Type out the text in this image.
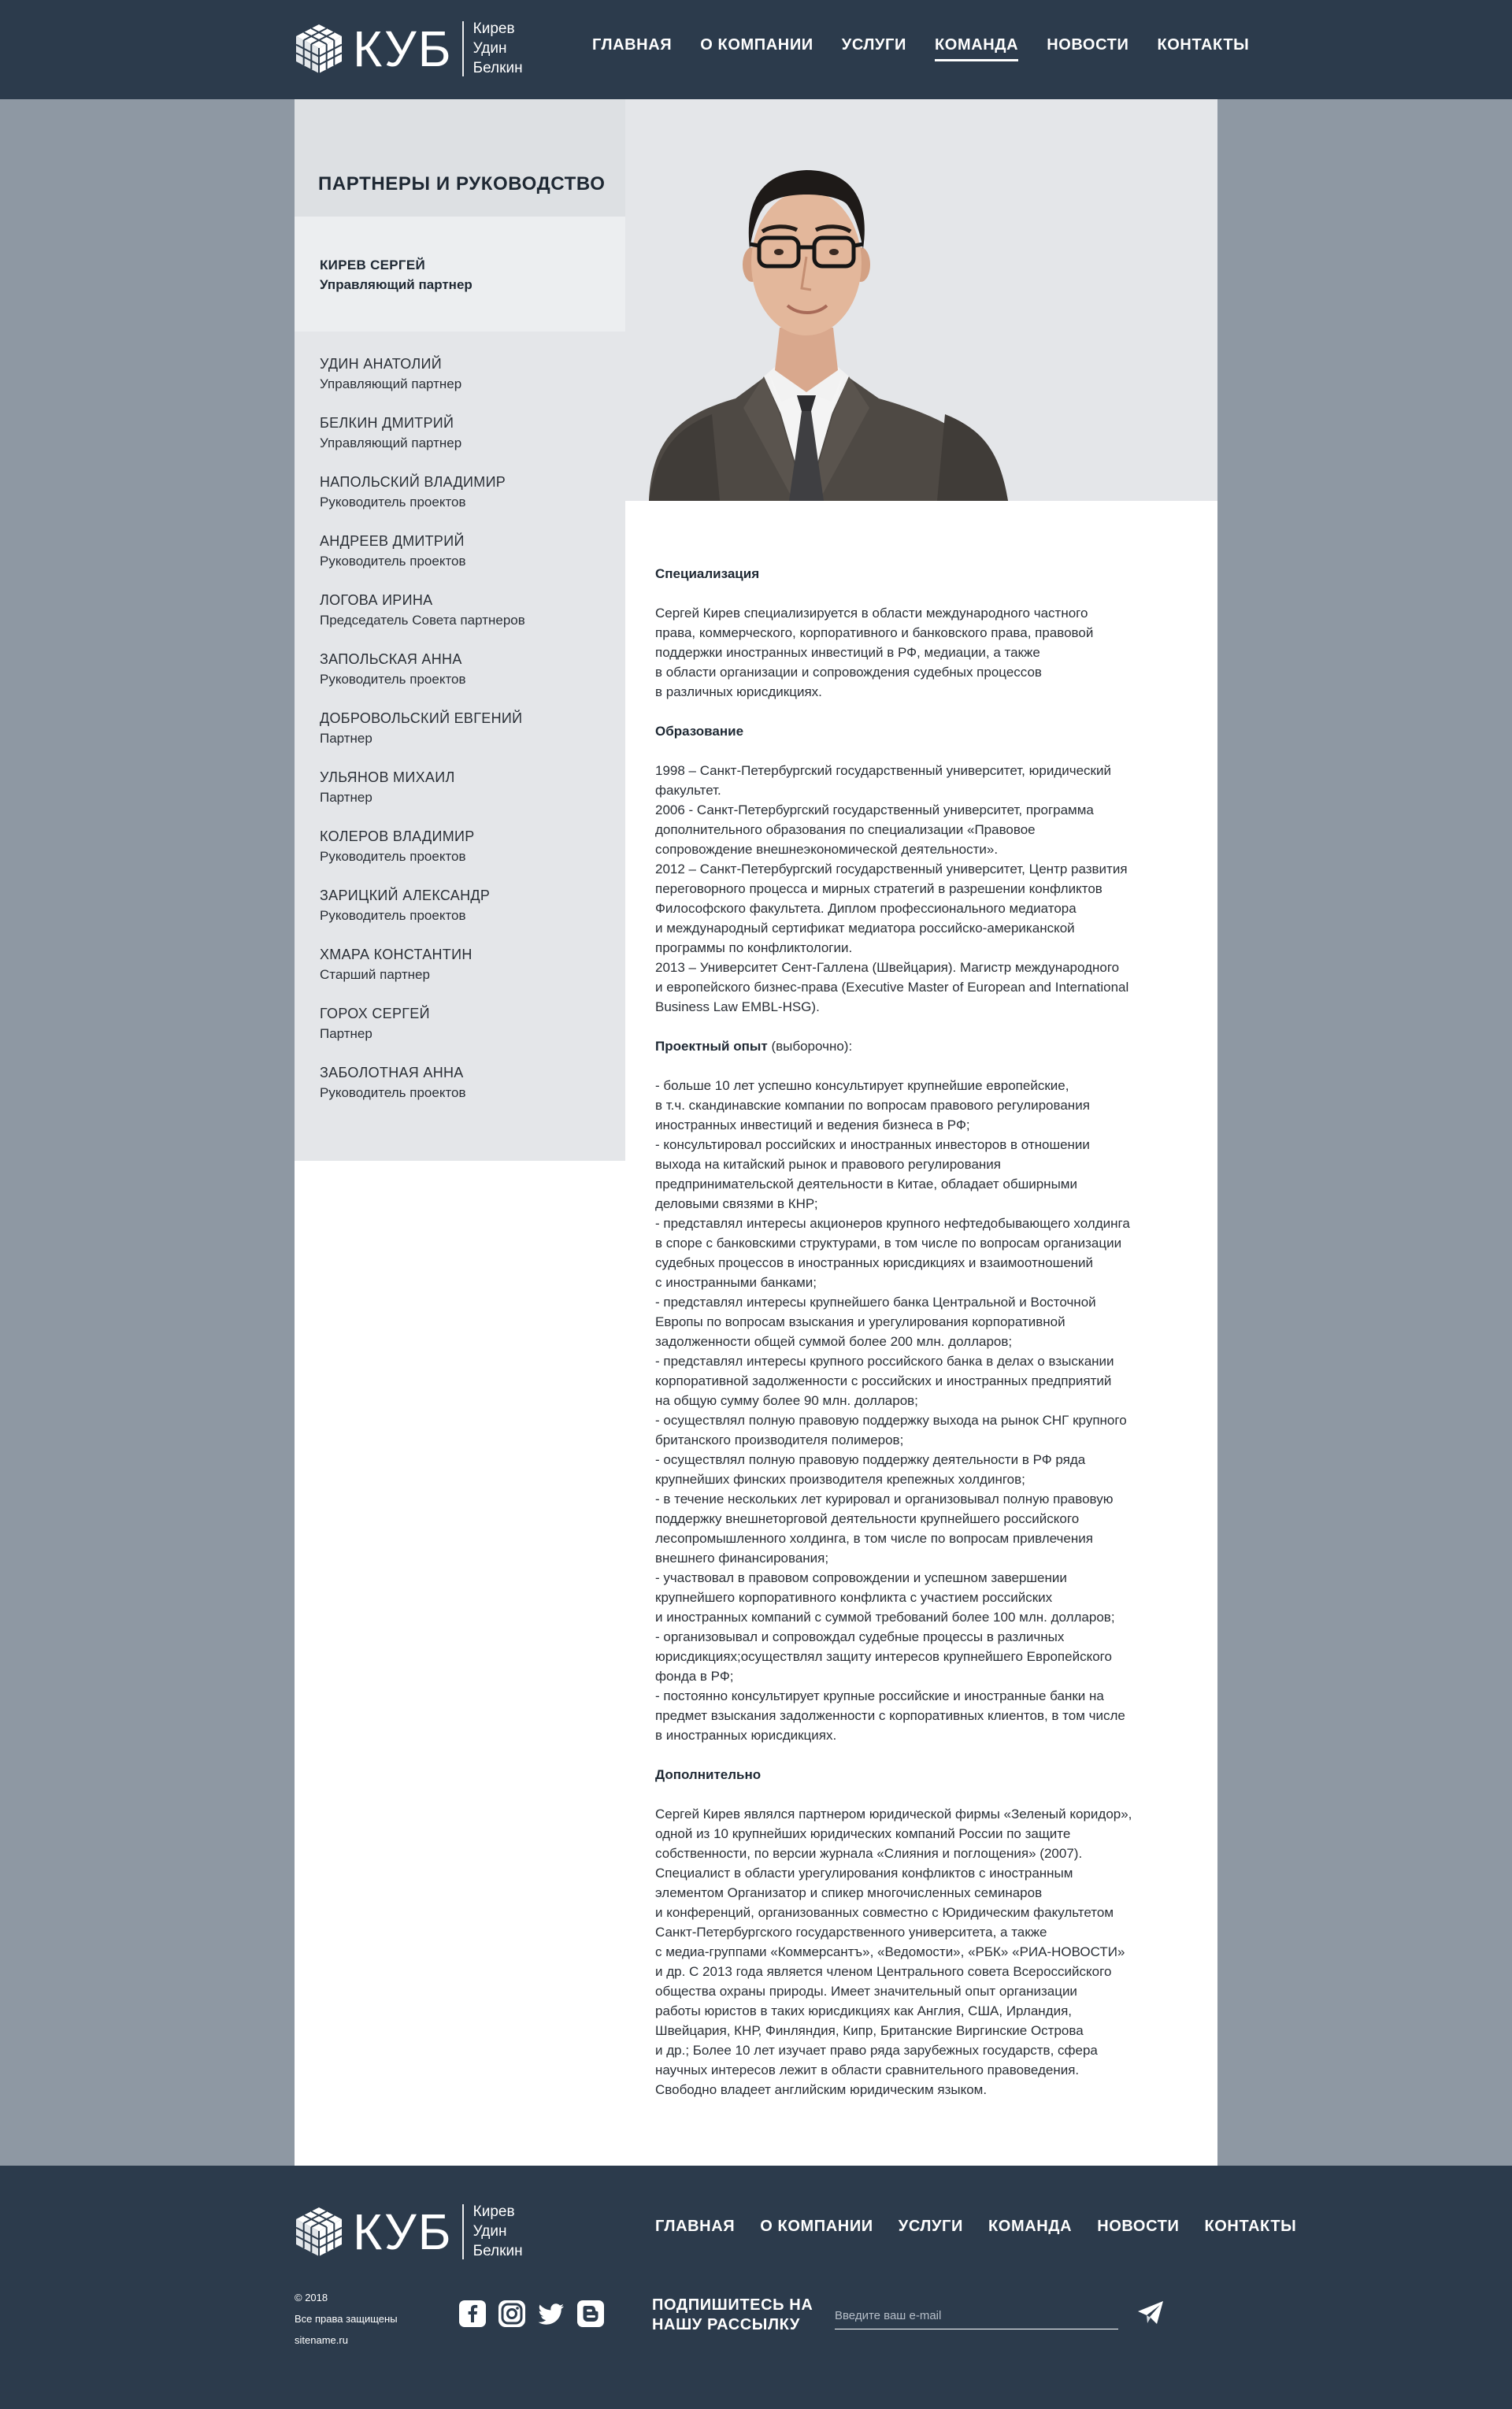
КУБ Кирев
Удин
Белкин
ГЛАВНАЯ О КОМПАНИИ УСЛУГИ КОМАНДА НОВОСТИ КОНТАКТЫ
ПАРТНЕРЫ И РУКОВОДСТВО
КИРЕВ СЕРГЕЙ
Управляющий партнер
УДИН АНАТОЛИЙ
Управляющий партнер
БЕЛКИН ДМИТРИЙ
Управляющий партнер
НАПОЛЬСКИЙ ВЛАДИМИР
Руководитель проектов
АНДРЕЕВ ДМИТРИЙ
Руководитель проектов
ЛОГОВА ИРИНА
Председатель Совета партнеров
ЗАПОЛЬСКАЯ АННА
Руководитель проектов
ДОБРОВОЛЬСКИЙ ЕВГЕНИЙ
Партнер
УЛЬЯНОВ МИХАИЛ
Партнер
КОЛЕРОВ ВЛАДИМИР
Руководитель проектов
ЗАРИЦКИЙ АЛЕКСАНДР
Руководитель проектов
ХМАРА КОНСТАНТИН
Старший партнер
ГОРОХ СЕРГЕЙ
Партнер
ЗАБОЛОТНАЯ АННА
Руководитель проектов

Специализация

Сергей Кирев специализируется в области международного частного
права, коммерческого, корпоративного и банковского права, правовой
поддержки иностранных инвестиций в РФ, медиации, а также
в области организации и сопровождения судебных процессов
в различных юрисдикциях.

Образование

1998 – Санкт-Петербургский государственный университет, юридический
факультет.
2006 - Санкт-Петербургский государственный университет, программа
дополнительного образования по специализации «Правовое
сопровождение внешнеэкономической деятельности».
2012 – Санкт-Петербургский государственный университет, Центр развития
переговорного процесса и мирных стратегий в разрешении конфликтов
Философского факультета. Диплом профессионального медиатора
и международный сертификат медиатора российско-американской
программы по конфликтологии.
2013 – Университет Сент-Галлена (Швейцария). Магистр международного
и европейского бизнес-права (Executive Master of European and International
Business Law EMBL-HSG).

Проектный опыт (выборочно):

- больше 10 лет успешно консультирует крупнейшие европейские,
в т.ч. скандинавские компании по вопросам правового регулирования
иностранных инвестиций и ведения бизнеса в РФ;
- консультировал российских и иностранных инвесторов в отношении
выхода на китайский рынок и правового регулирования
предпринимательской деятельности в Китае, обладает обширными
деловыми связями в КНР;
- представлял интересы акционеров крупного нефтедобывающего холдинга
в споре с банковскими структурами, в том числе по вопросам организации
судебных процессов в иностранных юрисдикциях и взаимоотношений
с иностранными банками;
- представлял интересы крупнейшего банка Центральной и Восточной
Европы по вопросам взыскания и урегулирования корпоративной
задолженности общей суммой более 200 млн. долларов;
- представлял интересы крупного российского банка в делах о взыскании
корпоративной задолженности с российских и иностранных предприятий
на общую сумму более 90 млн. долларов;
- осуществлял полную правовую поддержку выхода на рынок СНГ крупного
британского производителя полимеров;
- осуществлял полную правовую поддержку деятельности в РФ ряда
крупнейших финских производителя крепежных холдингов;
- в течение нескольких лет курировал и организовывал полную правовую
поддержку внешнеторговой деятельности крупнейшего российского
лесопромышленного холдинга, в том числе по вопросам привлечения
внешнего финансирования;
- участвовал в правовом сопровождении и успешном завершении
крупнейшего корпоративного конфликта с участием российских
и иностранных компаний с суммой требований более 100 млн. долларов;
- организовывал и сопровождал судебные процессы в различных
юрисдикциях;осуществлял защиту интересов крупнейшего Европейского
фонда в РФ;
- постоянно консультирует крупные российские и иностранные банки на
предмет взыскания задолженности с корпоративных клиентов, в том числе
в иностранных юрисдикциях.

Дополнительно

Сергей Кирев являлся партнером юридической фирмы «Зеленый коридор»,
одной из 10 крупнейших юридических компаний России по защите
собственности, по версии журнала «Слияния и поглощения» (2007).
Специалист в области урегулирования конфликтов с иностранным
элементом Организатор и спикер многочисленных семинаров
и конференций, организованных совместно с Юридическим факультетом
Санкт-Петербургского государственного университета, а также
с медиа-группами «Коммерсантъ», «Ведомости», «РБК» «РИА-НОВОСТИ»
и др. С 2013 года является членом Центрального совета Всероссийского
общества охраны природы. Имеет значительный опыт организации
работы юристов в таких юрисдикциях как Англия, США, Ирландия,
Швейцария, КНР, Финляндия, Кипр, Британские Виргинские Острова
и др.; Более 10 лет изучает право ряда зарубежных государств, сфера
научных интересов лежит в области сравнительного правоведения.
Свободно владеет английским юридическим языком.

КУБ Кирев
Удин
Белкин
ГЛАВНАЯ О КОМПАНИИ УСЛУГИ КОМАНДА НОВОСТИ КОНТАКТЫ
© 2018
Все права защищены
sitename.ru
ПОДПИШИТЕСЬ НА
НАШУ РАССЫЛКУ
Введите ваш e-mail
